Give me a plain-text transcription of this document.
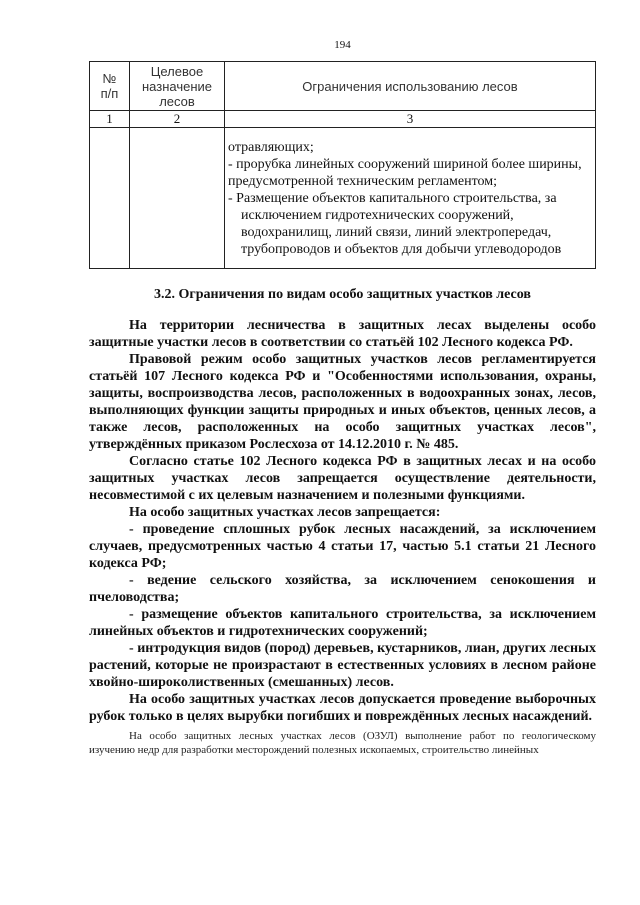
194
№
п/п	Целевое назначение лесов	Ограничения использованию лесов
1	2	3

		отравляющих;

- прорубка линейных сооружений шириной более ширины, предусмотренной техническим регламентом;

- Размещение объектов капитального строительства, за исключением гидротехнических сооружений, водохранилищ, линий связи, линий электропередач, трубопроводов и объектов для добычи углеводородов

3.2. Ограничения по видам особо защитных участков лесов

На территории лесничества в защитных лесах выделены особо защитные участки лесов в соответствии со статьёй 102 Лесного кодекса РФ.

Правовой режим особо защитных участков лесов регламентируется статьёй 107 Лесного кодекса РФ и "Особенностями использования, охраны, защиты, воспроизводства лесов, расположенных в водоохранных зонах, лесов, выполняющих функции защиты природных и иных объектов, ценных лесов, а также лесов, расположенных на особо защитных участках лесов", утверждённых приказом Рослесхоза от 14.12.2010 г. № 485.

Согласно статье 102 Лесного кодекса РФ в защитных лесах и на особо защитных участках лесов запрещается осуществление деятельности, несовместимой с их целевым назначением и полезными функциями.

На особо защитных участках лесов запрещается:

- проведение сплошных рубок лесных насаждений, за исключением случаев, предусмотренных частью 4 статьи 17, частью 5.1 статьи 21 Лесного кодекса РФ;

- ведение сельского хозяйства, за исключением сенокошения и пчеловодства;

- размещение объектов капитального строительства, за исключением линейных объектов и гидротехнических сооружений;

- интродукция видов (пород) деревьев, кустарников, лиан, других лесных растений, которые не произрастают в естественных условиях в лесном районе хвойно-широколиственных (смешанных) лесов.

На особо защитных участках лесов допускается проведение выборочных рубок только в целях вырубки погибших и повреждённых лесных насаждений.

На особо защитных лесных участках лесов (ОЗУЛ) выполнение работ по геологическому изучению недр для разработки месторождений полезных ископаемых, строительство линейных
